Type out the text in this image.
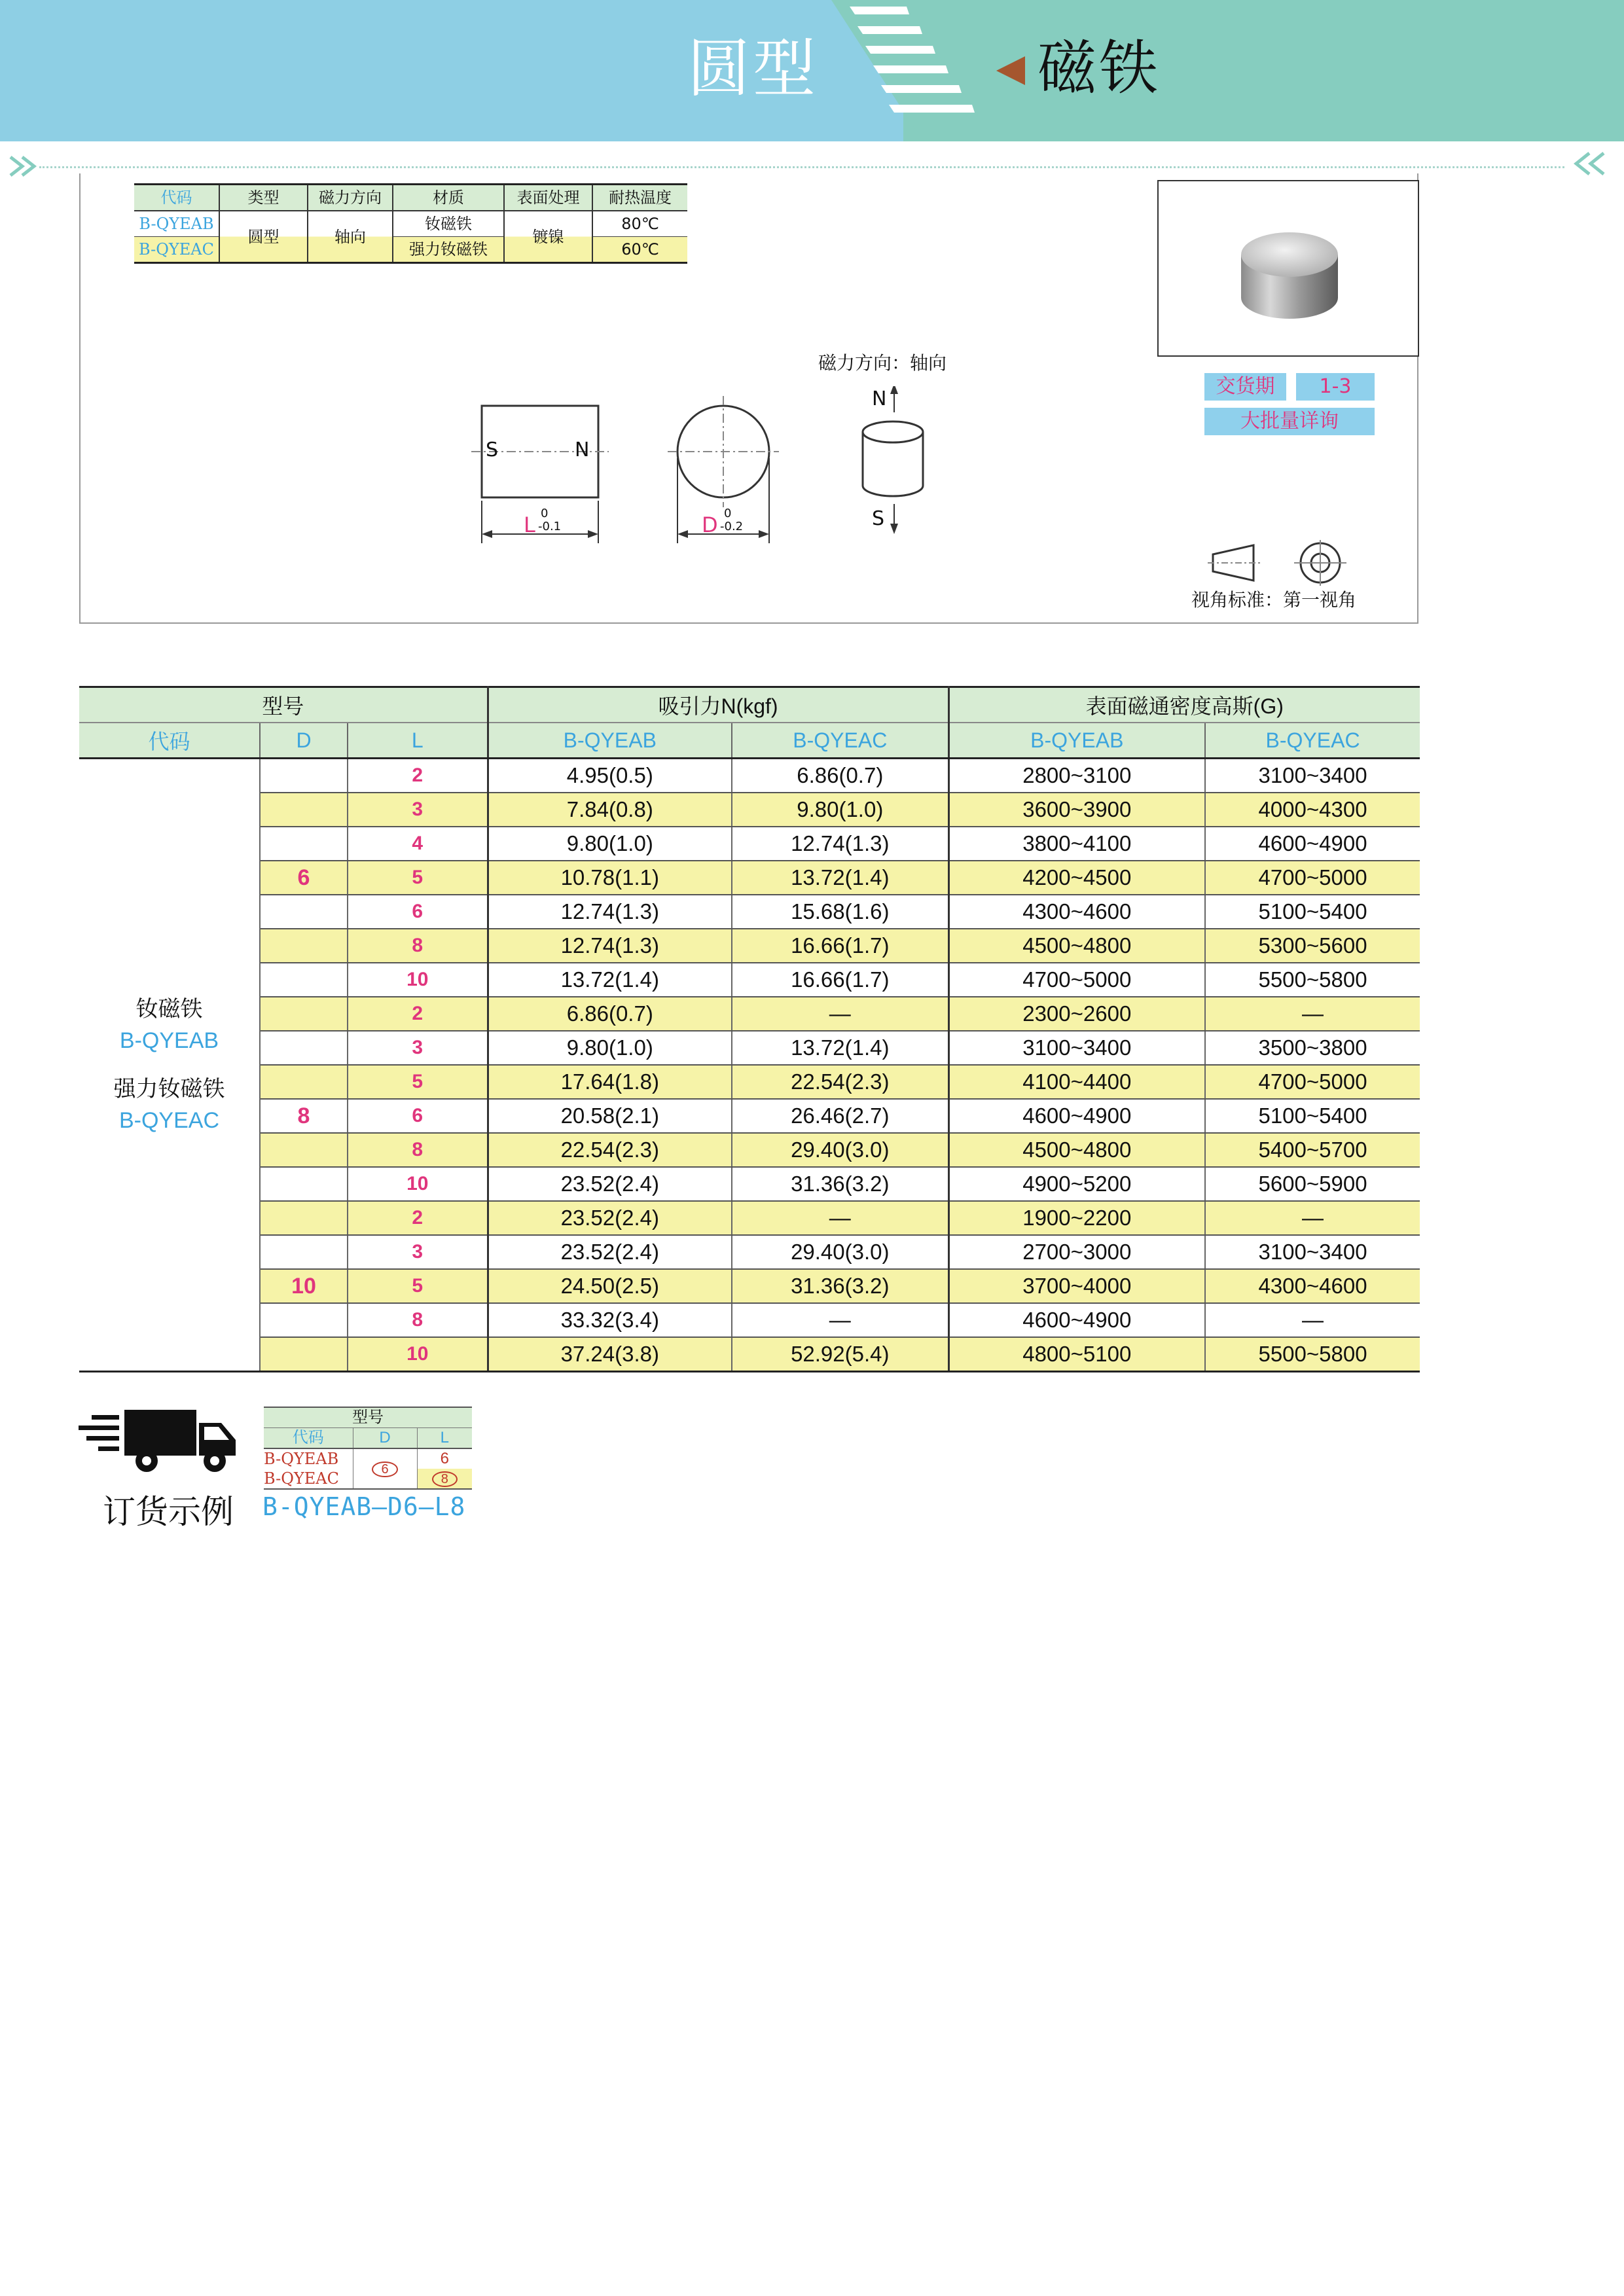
圆型	磁铁
代码	类型	磁力方向	材质	表面处理	耐热温度
B-QYEAB	圆型	轴向	钕磁铁	镀镍	80℃
B-QYEAC			强力钕磁铁		60℃
交货期	1-3
大批量详询
磁力方向：轴向
S	N
N
S
L 0
-0.1	D 0
-0.2
视角标准：第一视角
型号			吸引力N(kgf)		表面磁通密度高斯(G)	
代码	D	L	B-QYEAB	B-QYEAC	B-QYEAB	B-QYEAC

钕磁铁
B-QYEAB
强力钕磁铁
B-QYEAC		2	4.95(0.5)	6.86(0.7)	2800~3100	3100~3400
		3	7.84(0.8)	9.80(1.0)	3600~3900	4000~4300
		4	9.80(1.0)	12.74(1.3)	3800~4100	4600~4900
	6	5	10.78(1.1)	13.72(1.4)	4200~4500	4700~5000
		6	12.74(1.3)	15.68(1.6)	4300~4600	5100~5400
		8	12.74(1.3)	16.66(1.7)	4500~4800	5300~5600
		10	13.72(1.4)	16.66(1.7)	4700~5000	5500~5800
		2	6.86(0.7)	—	2300~2600	—
		3	9.80(1.0)	13.72(1.4)	3100~3400	3500~3800
		5	17.64(1.8)	22.54(2.3)	4100~4400	4700~5000
	8	6	20.58(2.1)	26.46(2.7)	4600~4900	5100~5400
		8	22.54(2.3)	29.40(3.0)	4500~4800	5400~5700
		10	23.52(2.4)	31.36(3.2)	4900~5200	5600~5900
		2	23.52(2.4)	—	1900~2200	—
		3	23.52(2.4)	29.40(3.0)	2700~3000	3100~3400
	10	5	24.50(2.5)	31.36(3.2)	3700~4000	4300~4600
		8	33.32(3.4)	—	4600~4900	—
		10	37.24(3.8)	52.92(5.4)	4800~5100	5500~5800
订货示例
型号		
代码	D	L
B-QYEAB	6	6
B-QYEAC		8
B-QYEAB—D6—L8
